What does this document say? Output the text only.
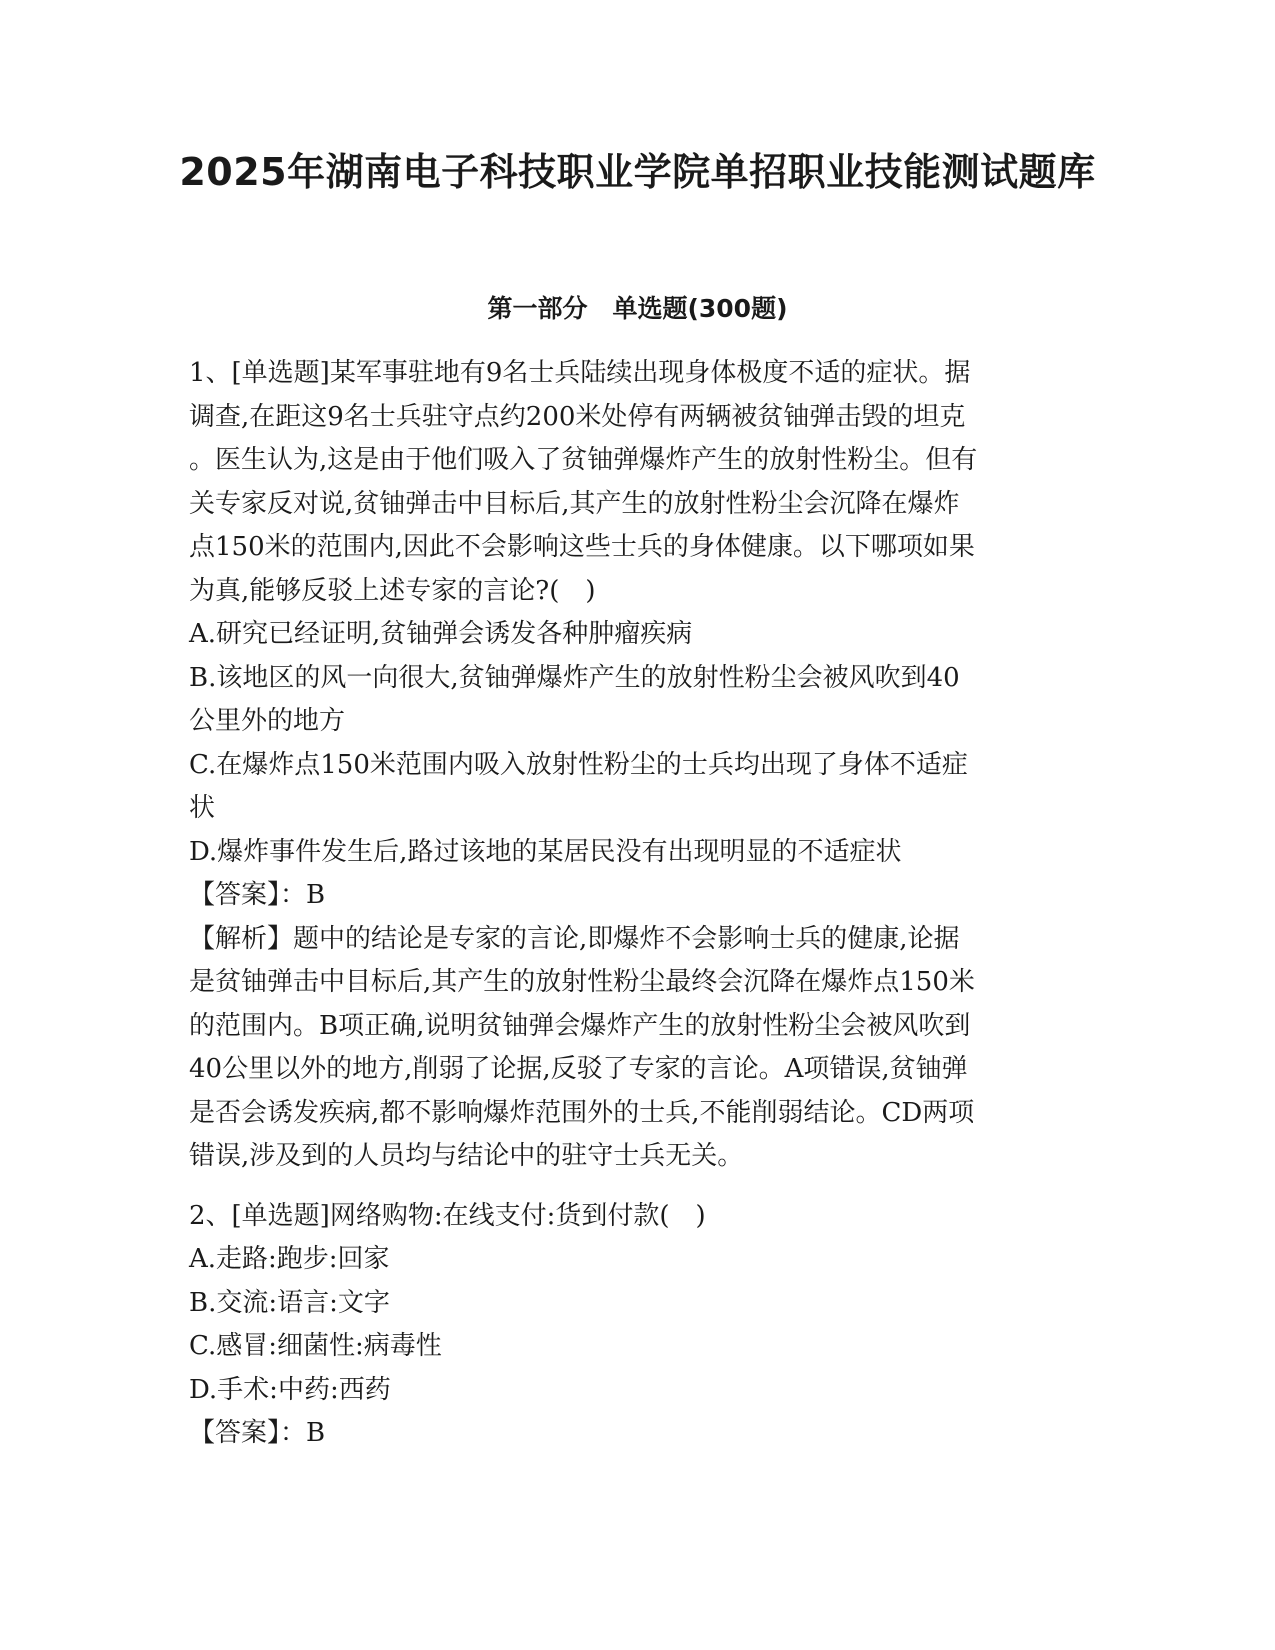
2025年湖南电子科技职业学院单招职业技能测试题库
第一部分　单选题(300题)

1、[单选题]某军事驻地有9名士兵陆续出现身体极度不适的症状。据

调查,在距这9名士兵驻守点约200米处停有两辆被贫铀弹击毁的坦克

。医生认为,这是由于他们吸入了贫铀弹爆炸产生的放射性粉尘。但有

关专家反对说,贫铀弹击中目标后,其产生的放射性粉尘会沉降在爆炸

点150米的范围内,因此不会影响这些士兵的身体健康。以下哪项如果

为真,能够反驳上述专家的言论?(　)

A.研究已经证明,贫铀弹会诱发各种肿瘤疾病

B.该地区的风一向很大,贫铀弹爆炸产生的放射性粉尘会被风吹到40

公里外的地方

C.在爆炸点150米范围内吸入放射性粉尘的士兵均出现了身体不适症

状

D.爆炸事件发生后,路过该地的某居民没有出现明显的不适症状

【答案】：B

【解析】题中的结论是专家的言论,即爆炸不会影响士兵的健康,论据

是贫铀弹击中目标后,其产生的放射性粉尘最终会沉降在爆炸点150米

的范围内。B项正确,说明贫铀弹会爆炸产生的放射性粉尘会被风吹到

40公里以外的地方,削弱了论据,反驳了专家的言论。A项错误,贫铀弹

是否会诱发疾病,都不影响爆炸范围外的士兵,不能削弱结论。CD两项

错误,涉及到的人员均与结论中的驻守士兵无关。

2、[单选题]网络购物:在线支付:货到付款(　)

A.走路:跑步:回家

B.交流:语言:文字

C.感冒:细菌性:病毒性

D.手术:中药:西药

【答案】：B
